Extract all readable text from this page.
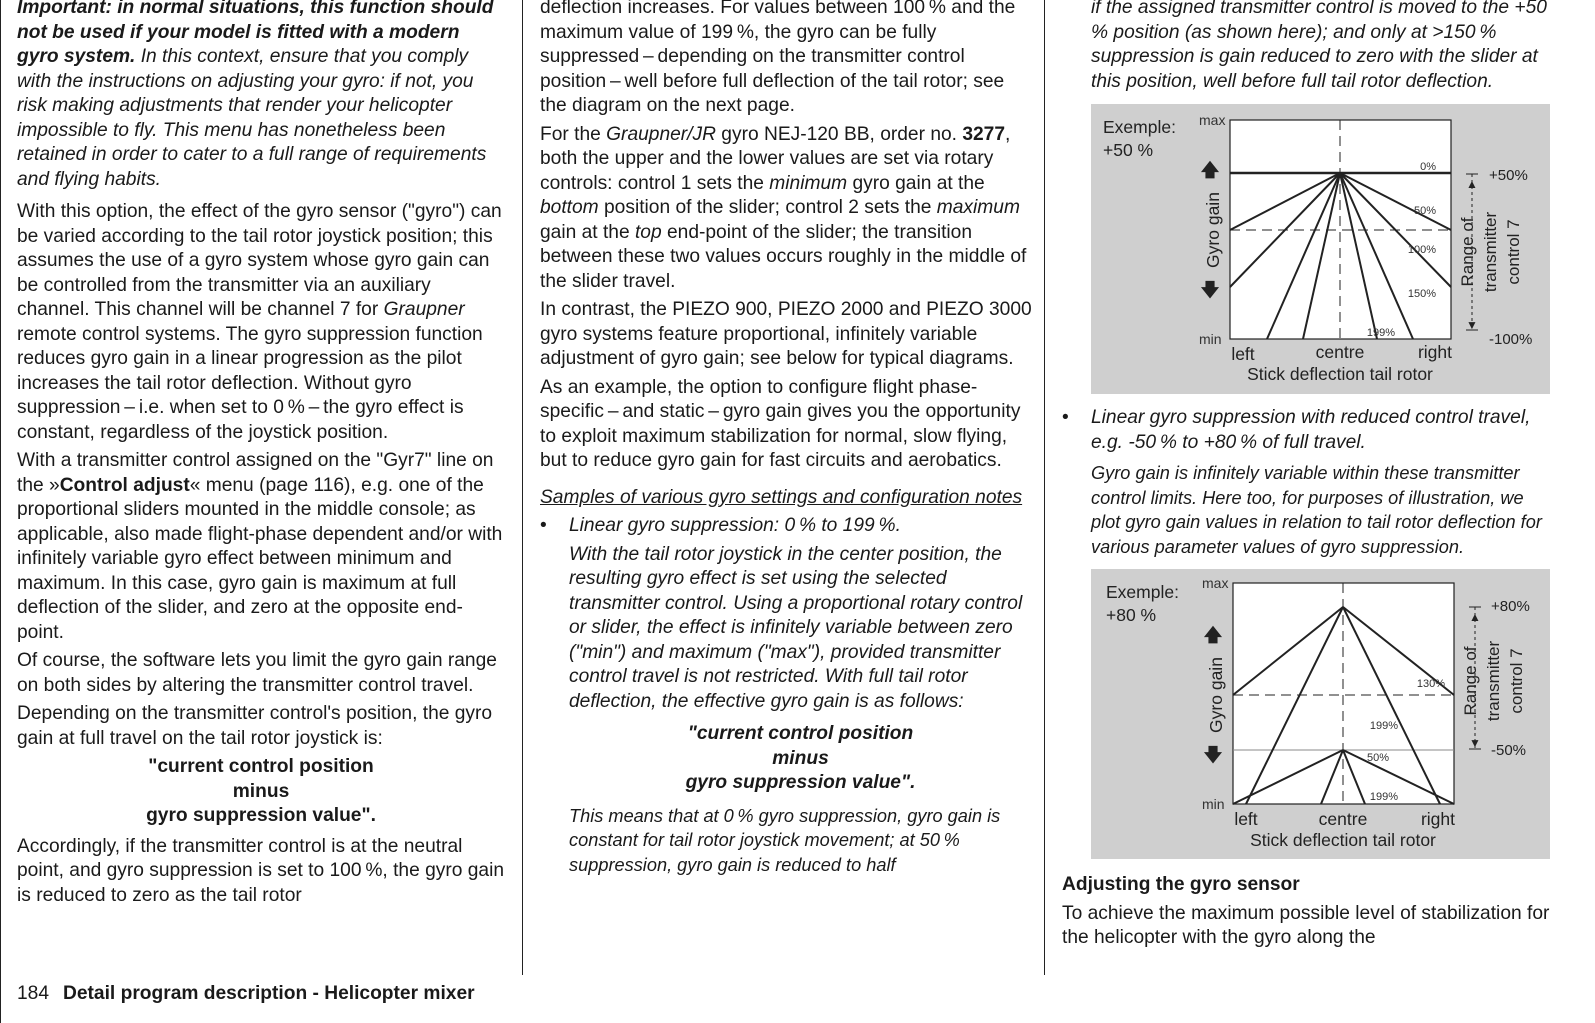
Important: in normal situations, this function should not be used if your model is fitted with a modern gyro system. In this context, ensure that you comply with the instructions on adjusting your gyro: if not, you risk making adjustments that render your helicopter impossible to fly. This menu has nonetheless been retained in order to cater to a full range of requirements and flying habits.

With this option, the effect of the gyro sensor ("gyro") can be varied according to the tail rotor joystick position; this assumes the use of a gyro system whose gyro gain can be controlled from the transmitter via an auxiliary channel. This channel will be channel 7 for Graupner remote control systems. The gyro suppression function reduces gyro gain in a linear progression as the pilot increases the tail rotor deflection. Without gyro suppression – i.e. when set to 0 % – the gyro effect is constant, regardless of the joystick position.

With a transmitter control assigned on the "Gyr7" line on the »Control adjust« menu (page 116), e.g. one of the proportional sliders mounted in the middle console; as applicable, also made flight-phase dependent and/or with infinitely variable gyro effect between minimum and maximum. In this case, gyro gain is maximum at full deflection of the slider, and zero at the opposite end-point.

Of course, the software lets you limit the gyro gain range on both sides by altering the transmitter control travel.

Depending on the transmitter control's position, the gyro gain at full travel on the tail rotor joystick is:

"current control position
minus
gyro suppression value".

Accordingly, if the transmitter control is at the neutral point, and gyro suppression is set to 100 %, the gyro gain is reduced to zero as the tail rotor

deflection increases. For values between 100 % and the maximum value of 199 %, the gyro can be fully suppressed – depending on the transmitter control position – well before full deflection of the tail rotor; see the diagram on the next page.

For the Graupner/JR gyro NEJ-120 BB, order no. 3277, both the upper and the lower values are set via rotary controls: control 1 sets the minimum gyro gain at the bottom position of the slider; control 2 sets the maximum gain at the top end-point of the slider; the transition between these two values occurs roughly in the middle of the slider travel.

In contrast, the PIEZO 900, PIEZO 2000 and PIEZO 3000 gyro systems feature proportional, infinitely variable adjustment of gyro gain; see below for typical diagrams.

As an example, the option to configure flight phase-specific – and static – gyro gain gives you the opportunity to exploit maximum stabilization for normal, slow flying, but to reduce gyro gain for fast circuits and aerobatics.

Samples of various gyro settings and configuration notes

• Linear gyro suppression: 0 % to 199 %.

With the tail rotor joystick in the center position, the resulting gyro effect is set using the selected transmitter control. Using a proportional rotary control or slider, the effect is infinitely variable between zero ("min") and maximum ("max"), provided transmitter control travel is not restricted. With full tail rotor deflection, the effective gyro gain is as follows:

"current control position
minus
gyro suppression value".

This means that at 0 % gyro suppression, gyro gain is constant for tail rotor joystick movement; at 50 % suppression, gyro gain is reduced to half

if the assigned transmitter control is moved to the +50 % position (as shown here); and only at >150 % suppression is gain reduced to zero with the slider at this position, well before full tail rotor deflection.

Exemple:
+50 %
max
min
0%
50%
100%
150%
199%
Gyro gain
🡅
🡇
left	centre	right
Stick deflection tail rotor
▲
▼
+50%
-100%
Range of transmitter control 7
• Linear gyro suppression with reduced control travel, e.g. -50 % to +80 % of full travel.

Gyro gain is infinitely variable within these transmitter control limits. Here too, for purposes of illustration, we plot gyro gain values in relation to tail rotor deflection for various parameter values of gyro suppression.

Exemple:
+80 %
max
min
130%
199%
50%
199%
Gyro gain
🡅
🡇
left	centre	right
Stick deflection tail rotor
▲
▼
+80%
-50%
Range of transmitter control 7

Adjusting the gyro sensor

To achieve the maximum possible level of stabilization for the helicopter with the gyro along the

184 Detail program description - Helicopter mixer
